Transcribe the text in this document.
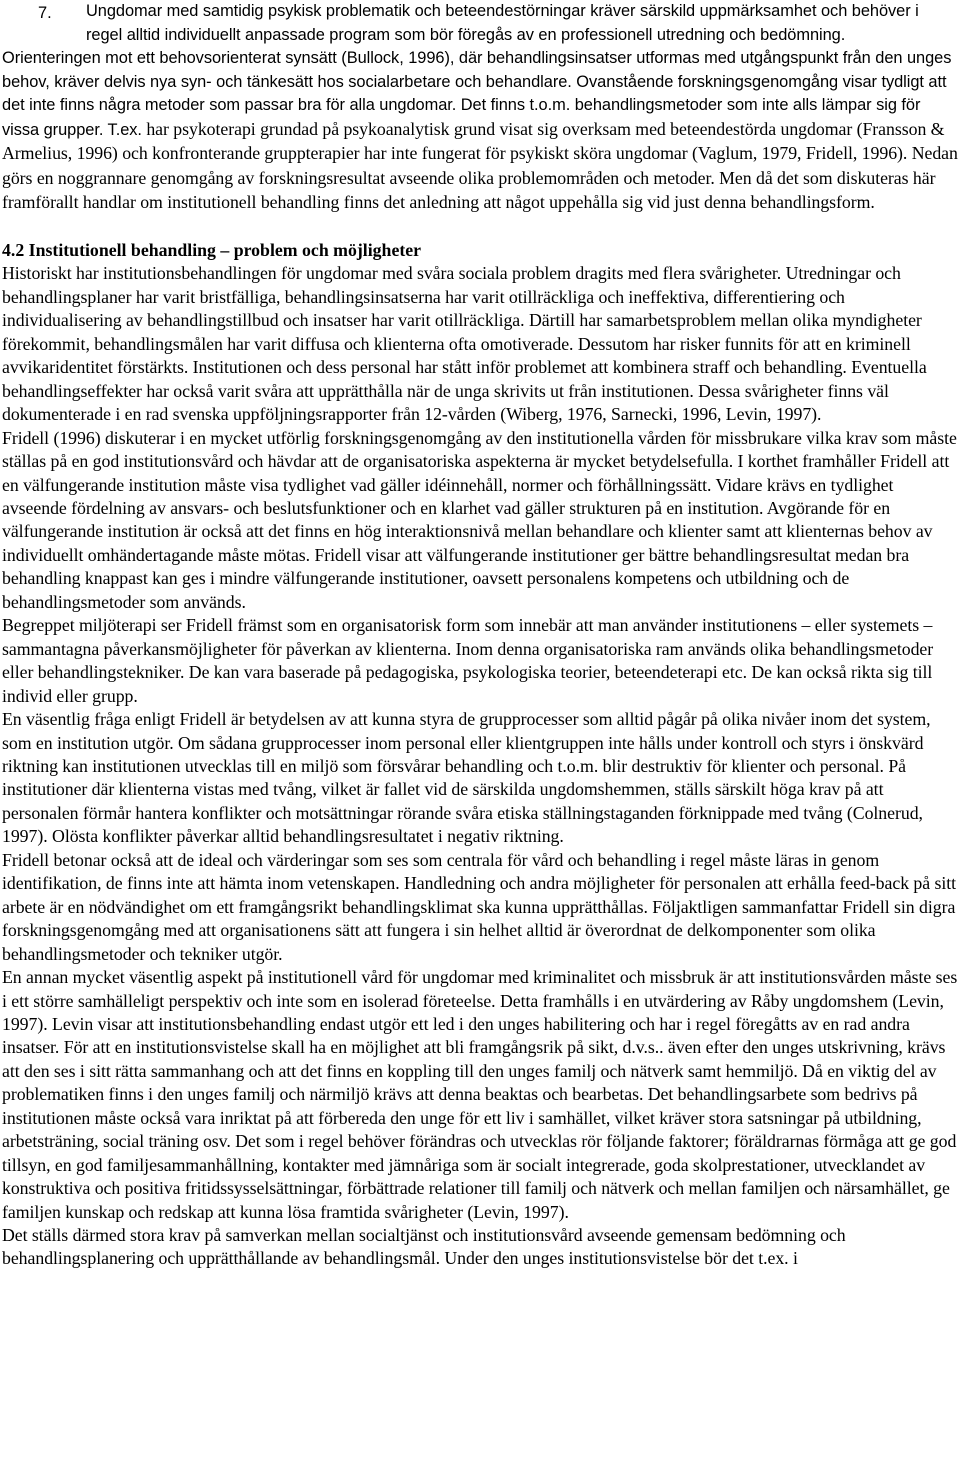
7. Ungdomar med samtidig psykisk problematik och beteendestörningar kräver särskild uppmärksamhet och behöver i regel alltid individuellt anpassade program som bör föregås av en professionell utredning och bedömning.

Orienteringen mot ett behovsorienterat synsätt (Bullock, 1996), där behandlingsinsatser utformas med utgångspunkt från den unges behov, kräver delvis nya syn- och tänkesätt hos socialarbetare och behandlare. Ovanstående forskningsgenomgång visar tydligt att det inte finns några metoder som passar bra för alla ungdomar. Det finns t.o.m. behandlingsmetoder som inte alls lämpar sig för vissa grupper. T.ex. har psykoterapi grundad på psykoanalytisk grund visat sig overksam med beteendestörda ungdomar (Fransson & Armelius, 1996) och konfronterande gruppterapier har inte fungerat för psykiskt sköra ungdomar (Vaglum, 1979, Fridell, 1996). Nedan görs en noggrannare genomgång av forskningsresultat avseende olika problemområden och metoder. Men då det som diskuteras här framförallt handlar om institutionell behandling finns det anledning att något uppehålla sig vid just denna behandlingsform.

4.2 Institutionell behandling – problem och möjligheter

Historiskt har institutionsbehandlingen för ungdomar med svåra sociala problem dragits med flera svårigheter. Utredningar och behandlingsplaner har varit bristfälliga, behandlingsinsatserna har varit otillräckliga och ineffektiva, differentiering och individualisering av behandlingstillbud och insatser har varit otillräckliga. Därtill har samarbetsproblem mellan olika myndigheter förekommit, behandlingsmålen har varit diffusa och klienterna ofta omotiverade. Dessutom har risker funnits för att en kriminell avvikaridentitet förstärkts. Institutionen och dess personal har stått inför problemet att kombinera straff och behandling. Eventuella behandlingseffekter har också varit svåra att upprätthålla när de unga skrivits ut från institutionen. Dessa svårigheter finns väl dokumenterade i en rad svenska uppföljningsrapporter från 12-vården (Wiberg, 1976, Sarnecki, 1996, Levin, 1997).

Fridell (1996) diskuterar i en mycket utförlig forskningsgenomgång av den institutionella vården för missbrukare vilka krav som måste ställas på en god institutionsvård och hävdar att de organisatoriska aspekterna är mycket betydelsefulla. I korthet framhåller Fridell att en välfungerande institution måste visa tydlighet vad gäller idéinnehåll, normer och förhållningssätt. Vidare krävs en tydlighet avseende fördelning av ansvars- och beslutsfunktioner och en klarhet vad gäller strukturen på en institution. Avgörande för en välfungerande institution är också att det finns en hög interaktionsnivå mellan behandlare och klienter samt att klienternas behov av individuellt omhändertagande måste mötas. Fridell visar att välfungerande institutioner ger bättre behandlingsresultat medan bra behandling knappast kan ges i mindre välfungerande institutioner, oavsett personalens kompetens och utbildning och de behandlingsmetoder som används.

Begreppet miljöterapi ser Fridell främst som en organisatorisk form som innebär att man använder institutionens – eller systemets – sammantagna påverkansmöjligheter för påverkan av klienterna. Inom denna organisatoriska ram används olika behandlingsmetoder eller behandlingstekniker. De kan vara baserade på pedagogiska, psykologiska teorier, beteendeterapi etc. De kan också rikta sig till individ eller grupp.

En väsentlig fråga enligt Fridell är betydelsen av att kunna styra de grupprocesser som alltid pågår på olika nivåer inom det system, som en institution utgör. Om sådana grupprocesser inom personal eller klientgruppen inte hålls under kontroll och styrs i önskvärd riktning kan institutionen utvecklas till en miljö som försvårar behandling och t.o.m. blir destruktiv för klienter och personal. På institutioner där klienterna vistas med tvång, vilket är fallet vid de särskilda ungdomshemmen, ställs särskilt höga krav på att personalen förmår hantera konflikter och motsättningar rörande svåra etiska ställningstaganden förknippade med tvång (Colnerud, 1997). Olösta konflikter påverkar alltid behandlingsresultatet i negativ riktning.

Fridell betonar också att de ideal och värderingar som ses som centrala för vård och behandling i regel måste läras in genom identifikation, de finns inte att hämta inom vetenskapen. Handledning och andra möjligheter för personalen att erhålla feed-back på sitt arbete är en nödvändighet om ett framgångsrikt behandlingsklimat ska kunna upprätthållas. Följaktligen sammanfattar Fridell sin digra forskningsgenomgång med att organisationens sätt att fungera i sin helhet alltid är överordnat de delkomponenter som olika behandlingsmetoder och tekniker utgör.

En annan mycket väsentlig aspekt på institutionell vård för ungdomar med kriminalitet och missbruk är att institutionsvården måste ses i ett större samhälleligt perspektiv och inte som en isolerad företeelse. Detta framhålls i en utvärdering av Råby ungdomshem (Levin, 1997). Levin visar att institutionsbehandling endast utgör ett led i den unges habilitering och har i regel föregåtts av en rad andra insatser. För att en institutionsvistelse skall ha en möjlighet att bli framgångsrik på sikt, d.v.s.. även efter den unges utskrivning, krävs att den ses i sitt rätta sammanhang och att det finns en koppling till den unges familj och nätverk samt hemmiljö. Då en viktig del av problematiken finns i den unges familj och närmiljö krävs att denna beaktas och bearbetas. Det behandlingsarbete som bedrivs på institutionen måste också vara inriktat på att förbereda den unge för ett liv i samhället, vilket kräver stora satsningar på utbildning, arbetsträning, social träning osv. Det som i regel behöver förändras och utvecklas rör följande faktorer; föräldrarnas förmåga att ge god tillsyn, en god familjesammanhållning, kontakter med jämnåriga som är socialt integrerade, goda skolprestationer, utvecklandet av konstruktiva och positiva fritidssysselsättningar, förbättrade relationer till familj och nätverk och mellan familjen och närsamhället, ge familjen kunskap och redskap att kunna lösa framtida svårigheter (Levin, 1997).

Det ställs därmed stora krav på samverkan mellan socialtjänst och institutionsvård avseende gemensam bedömning och behandlingsplanering och upprätthållande av behandlingsmål. Under den unges institutionsvistelse bör det t.ex. i
